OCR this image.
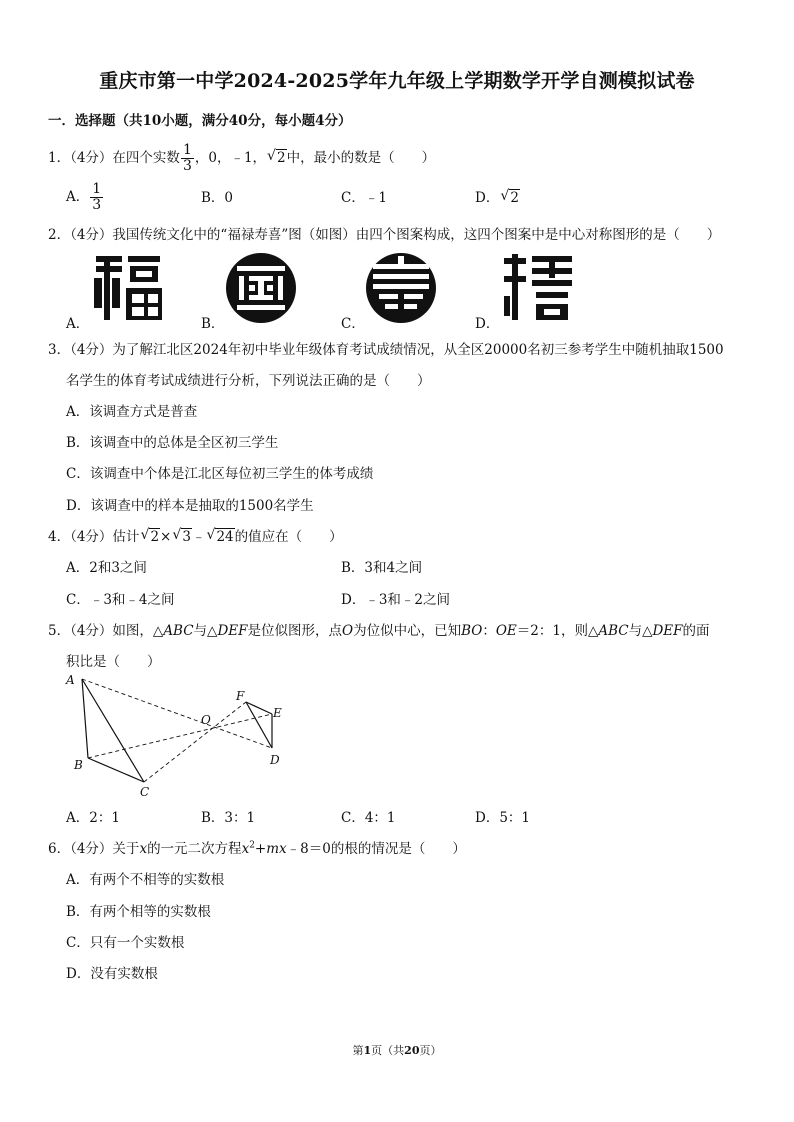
重庆市第一中学2024-2025学年九年级上学期数学开学自测模拟试卷
一．选择题（共10小题，满分40分，每小题4分）
1．（4分）在四个实数 $\frac{1}{3}$ ，0，﹣1， √ 2中，最小的数是（　　）
A． $\frac{1}{3}$	B．0	C．﹣1	D． √ 2
2．（4分）我国传统文化中的“福禄寿喜”图（如图）由四个图案构成，这四个图案中是中心对称图形的是（　　）
A．	B．	C．	D．
3．（4分）为了解江北区2024年初中毕业年级体育考试成绩情况，从全区20000名初三参考学生中随机抽取1500
名学生的体育考试成绩进行分析，下列说法正确的是（　　）
A．该调查方式是普查
B．该调查中的总体是全区初三学生
C．该调查中个体是江北区每位初三学生的体考成绩
D．该调查中的样本是抽取的1500名学生
4．（4分）估计 √ 2× √ 3﹣ √ 24的值应在（　　）
A．2和3之间	B．3和4之间
C．﹣3和﹣4之间	D．﹣3和﹣2之间
5．（4分）如图，△ABC与△DEF是位似图形，点O为位似中心，已知BO：OE＝2：1，则△ABC与△DEF的面
积比是（　　）
A
B
C
O
F
E
D
A．2：1	B．3：1	C．4：1	D．5：1
6．（4分）关于x的一元二次方程$x^2+mx﹣8=0$的根的情况是（　　）
A．有两个不相等的实数根
B．有两个相等的实数根
C．只有一个实数根
D．没有实数根
第1页（共20页）
